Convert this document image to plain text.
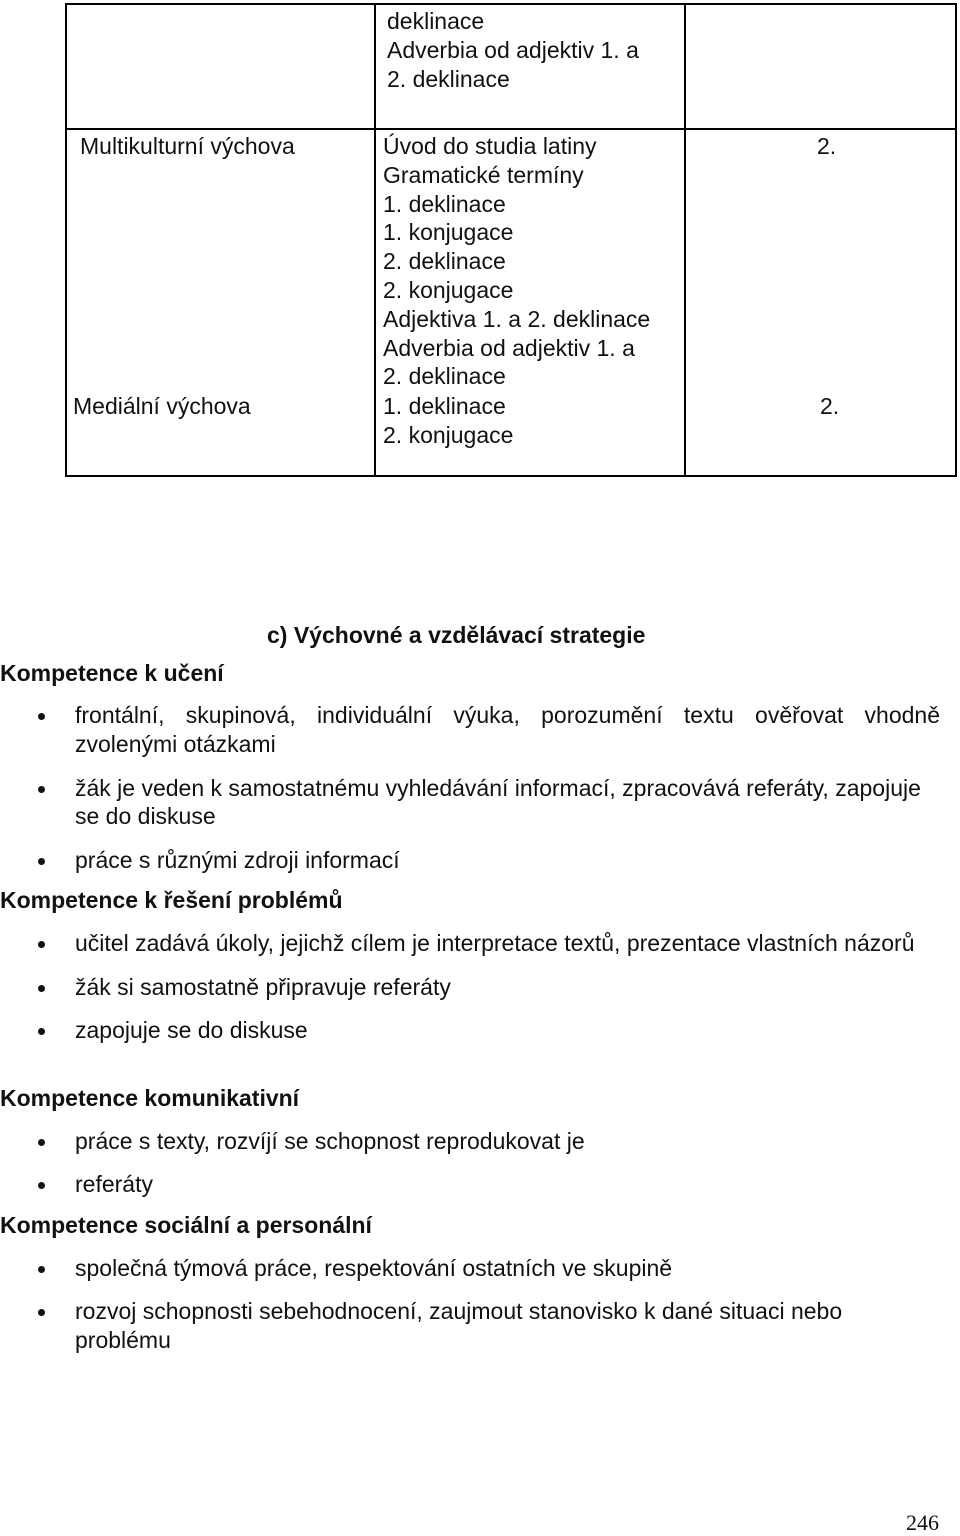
deklinace
Adverbia od adjektiv 1. a
2. deklinace
Multikulturní výchova	Úvod do studia latiny
Gramatické termíny
1. deklinace
1. konjugace
2. deklinace
2. konjugace
Adjektiva 1. a 2. deklinace
Adverbia od adjektiv 1. a
2. deklinace
2.
Mediální výchova	1. deklinace
2. konjugace
2.
c) Výchovné a vzdělávací strategie
Kompetence k učení
frontální, skupinová, individuální výuka, porozumění textu ověřovat vhodně zvolenými otázkami
žák je veden k samostatnému vyhledávání informací, zpracovává referáty, zapojuje se do diskuse
práce s různými zdroji informací
Kompetence k řešení problémů
učitel zadává úkoly, jejichž cílem je interpretace textů, prezentace vlastních názorů
žák si samostatně připravuje referáty
zapojuje se do diskuse
Kompetence komunikativní
práce s texty, rozvíjí se schopnost reprodukovat je
referáty
Kompetence sociální a personální
společná týmová práce, respektování ostatních ve skupině
rozvoj schopnosti sebehodnocení, zaujmout stanovisko k dané situaci nebo problému
246
